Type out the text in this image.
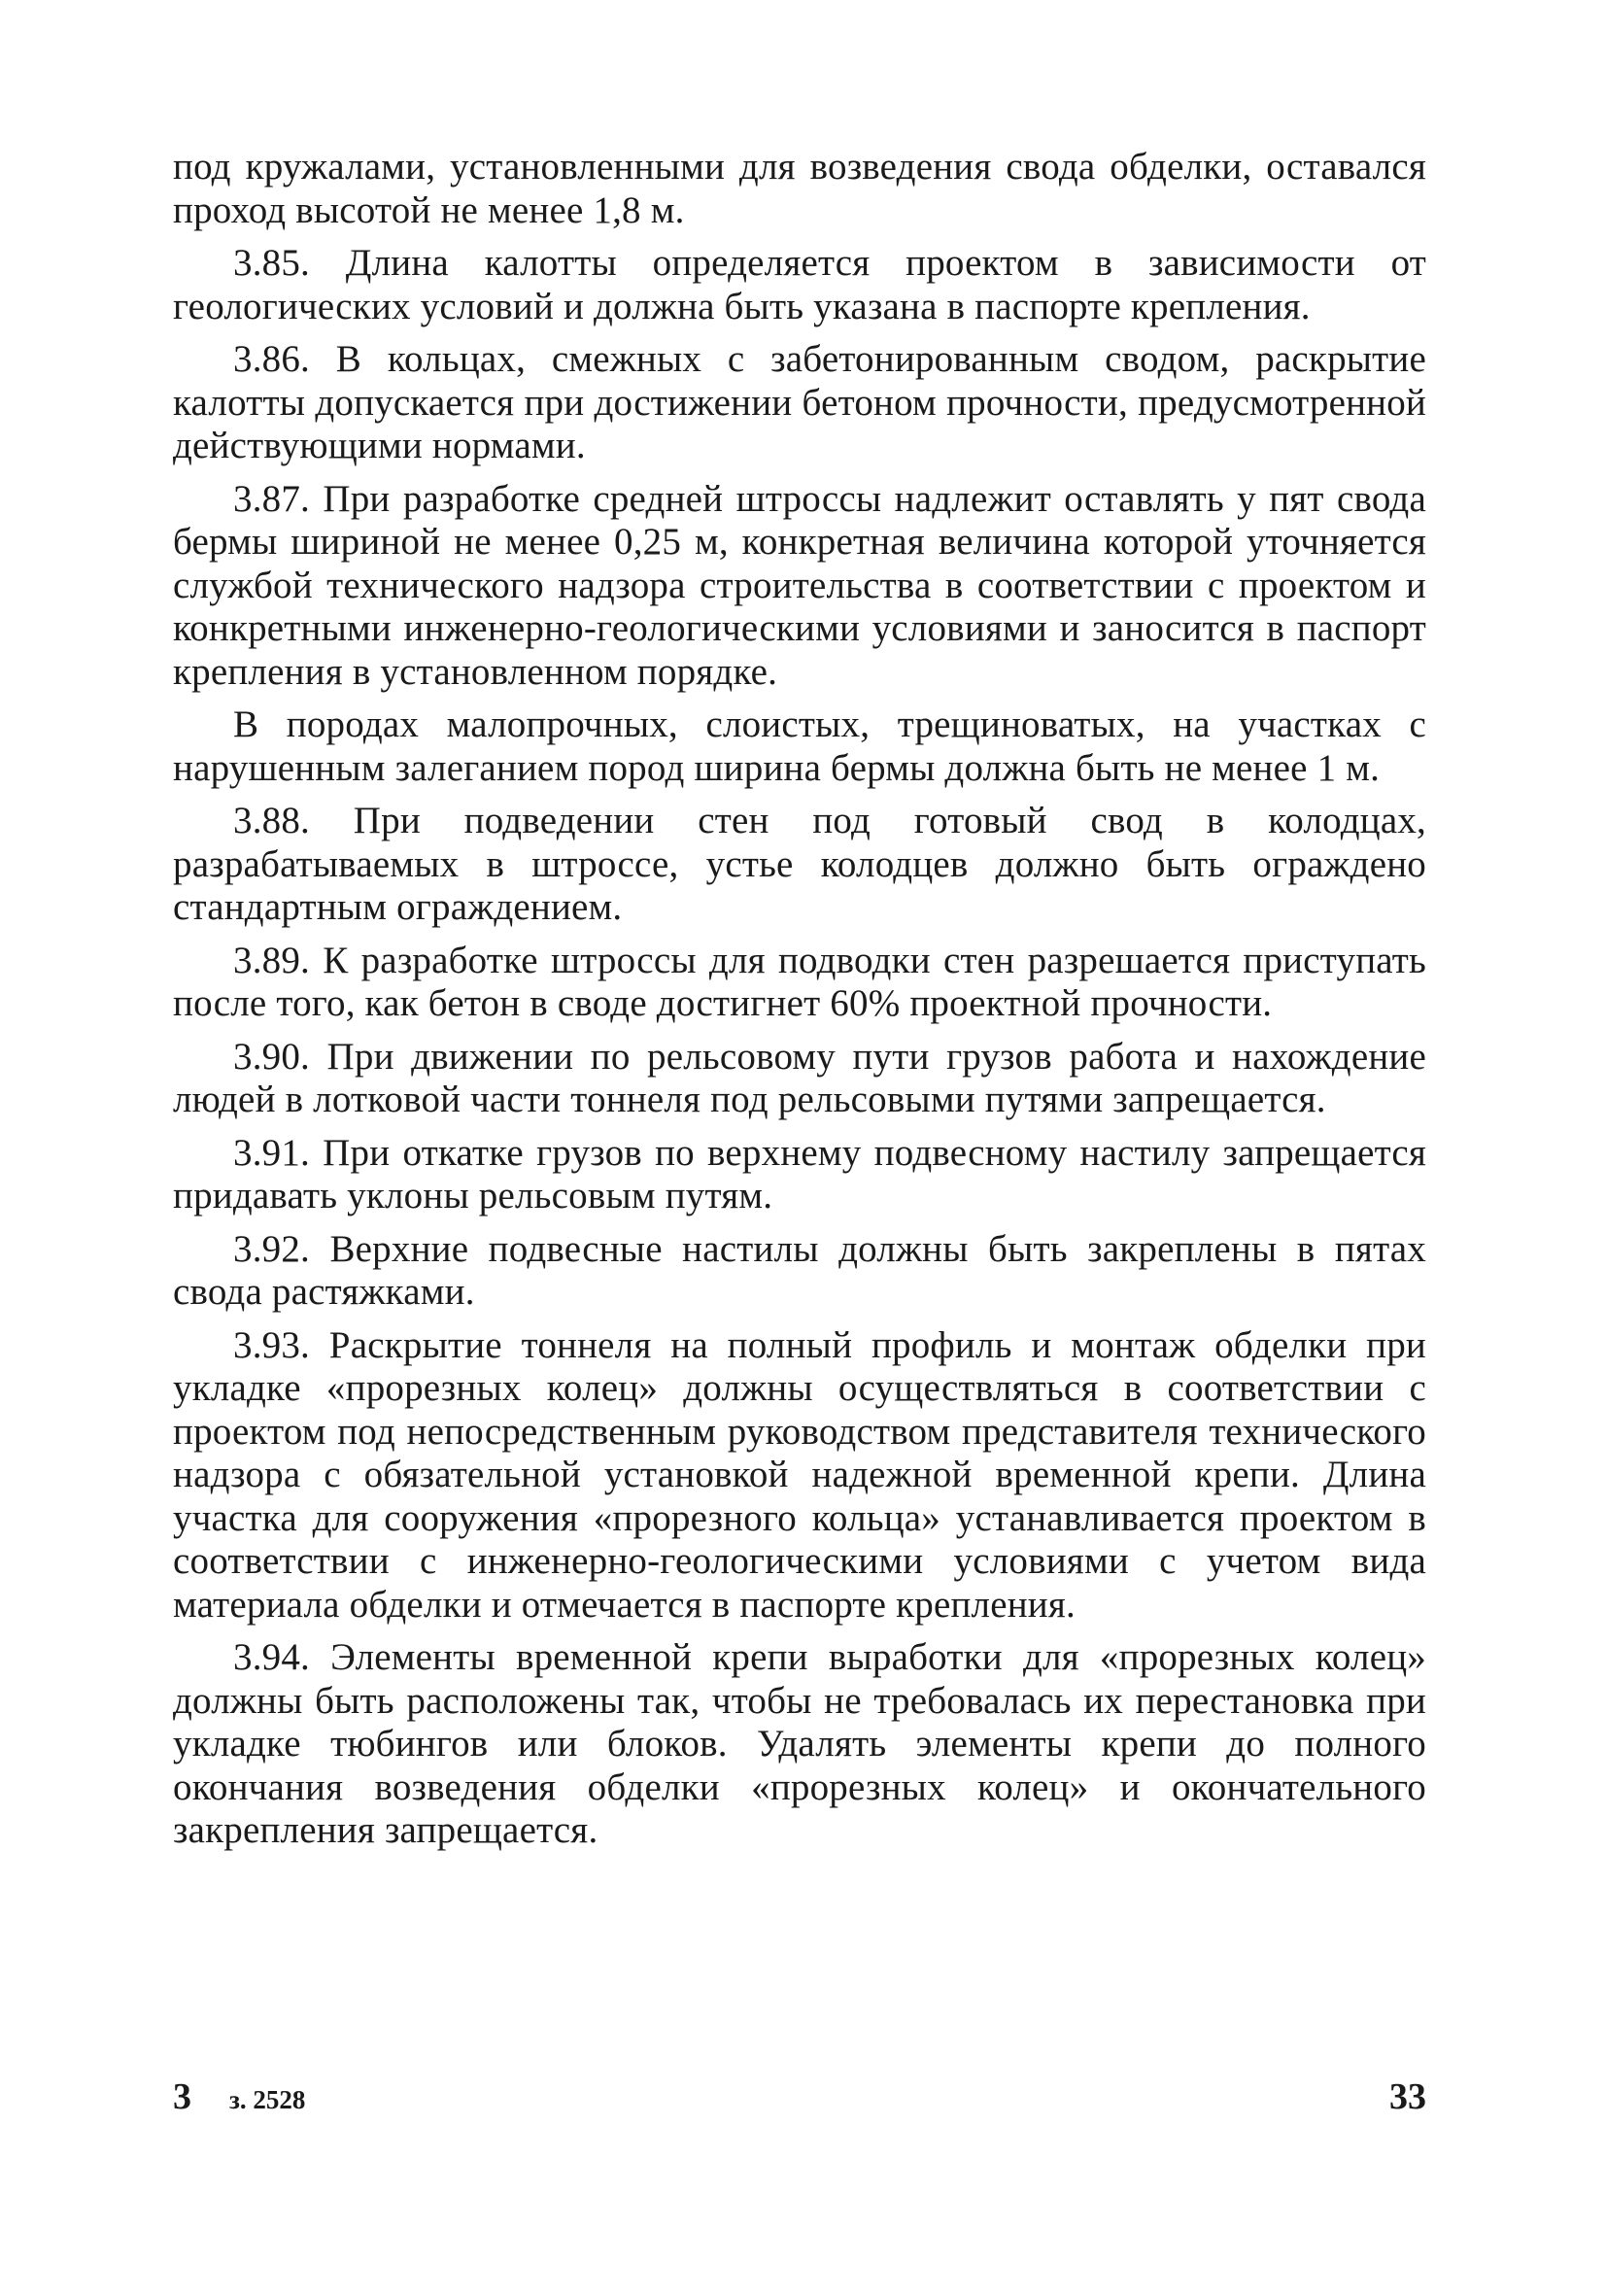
под кружалами, установленными для возведения свода обделки, оставался проход высотой не менее 1,8 м.

3.85. Длина калотты определяется проектом в зависимости от геологических условий и должна быть указана в паспорте крепления.

3.86. В кольцах, смежных с забетонированным сводом, раскрытие калотты допускается при достижении бетоном прочности, предусмотренной действующими нормами.

3.87. При разработке средней штроссы надлежит оставлять у пят свода бермы шириной не менее 0,25 м, конкретная величина которой уточняется службой технического надзора строительства в соответствии с проектом и конкретными инженерно-геологическими условиями и заносится в паспорт крепления в установленном порядке.

В породах малопрочных, слоистых, трещиноватых, на участках с нарушенным залеганием пород ширина бермы должна быть не менее 1 м.

3.88. При подведении стен под готовый свод в колодцах, разрабатываемых в штроссе, устье колодцев должно быть ограждено стандартным ограждением.

3.89. К разработке штроссы для подводки стен разрешается приступать после того, как бетон в своде достигнет 60% проектной прочности.

3.90. При движении по рельсовому пути грузов работа и нахождение людей в лотковой части тоннеля под рельсовыми путями запрещается.

3.91. При откатке грузов по верхнему подвесному настилу запрещается придавать уклоны рельсовым путям.

3.92. Верхние подвесные настилы должны быть закреплены в пятах свода растяжками.

3.93. Раскрытие тоннеля на полный профиль и монтаж обделки при укладке «прорезных колец» должны осуществляться в соответствии с проектом под непосредственным руководством представителя технического надзора с обязательной установкой надежной временной крепи. Длина участка для сооружения «прорезного кольца» устанавливается проектом в соответствии с инженерно-геологическими условиями с учетом вида материала обделки и отмечается в паспорте крепления.

3.94. Элементы временной крепи выработки для «прорезных колец» должны быть расположены так, чтобы не требовалась их перестановка при укладке тюбингов или блоков. Удалять элементы крепи до полного окончания возведения обделки «прорезных колец» и окончательного закрепления запрещается.

3 з. 2528	33
